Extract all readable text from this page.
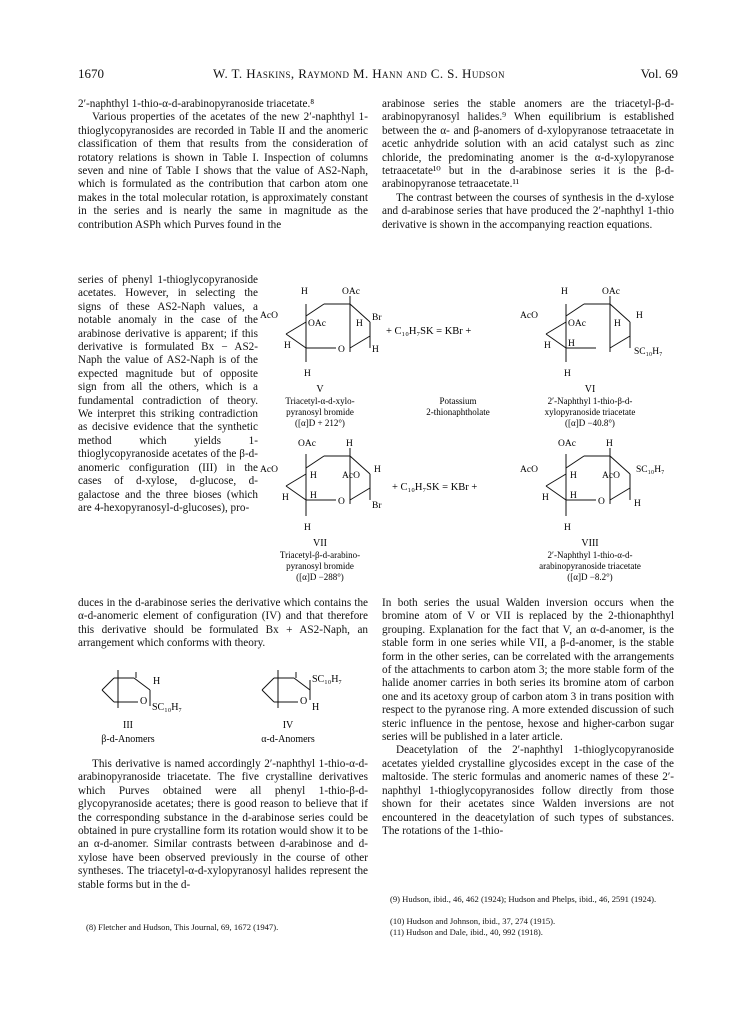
1670	W. T. Haskins, Raymond M. Hann and C. S. Hudson	Vol. 69

2′-naphthyl 1-thio-α-d-arabinopyranoside triacetate.⁸

Various properties of the acetates of the new 2′-naphthyl 1-thioglycopyranosides are recorded in Table II and the anomeric classification of them that results from the consideration of rotatory relations is shown in Table I. Inspection of columns seven and nine of Table I shows that the value of AS2-Naph, which is formulated as the contribution that carbon atom one makes in the total molecular rotation, is approximately constant in the series and is nearly the same in magnitude as the contribution ASPh which Purves found in the

series of phenyl 1-thioglycopyranoside acetates. However, in selecting the signs of these AS2-Naph values, a notable anomaly in the case of the arabinose derivative is apparent; if this derivative is formulated Bx − AS2-Naph the value of AS2-Naph is of the expected magnitude but of opposite sign from all the others, which is a fundamental contradiction of theory. We interpret this striking contradiction as decisive evidence that the synthetic method which yields 1-thioglycopyranoside acetates of the β-d-anomeric configuration (III) in the cases of d-xylose, d-glucose, d-galactose and the three bioses (which are 4-hexopyranosyl-d-glucoses), pro-

duces in the d-arabinose series the derivative which contains the α-d-anomeric element of configuration (IV) and that therefore this derivative should be formulated Bx + AS2-Naph, an arrangement which conforms with theory.

H
O
SC₁₀H₇
III
β-d-Anomers
SC₁₀H₇
O
H
IV
α-d-Anomers

This derivative is named accordingly 2′-naphthyl 1-thio-α-d-arabinopyranoside triacetate. The five crystalline derivatives which Purves obtained were all phenyl 1-thio-β-d-glycopyranoside acetates; there is good reason to believe that if the corresponding substance in the d-arabinose series could be obtained in pure crystalline form its rotation would show it to be an α-d-anomer. Similar contrasts between d-arabinose and d-xylose have been observed previously in the course of other syntheses. The triacetyl-α-d-xylopyranosyl halides represent the stable forms but in the d-

arabinose series the stable anomers are the triacetyl-β-d-arabinopyranosyl halides.⁹ When equilibrium is established between the α- and β-anomers of d-xylopyranose tetraacetate in acetic anhydride solution with an acid catalyst such as zinc chloride, the predominating anomer is the α-d-xylopyranose tetraacetate¹⁰ but in the d-arabinose series it is the β-d-arabinopyranose tetraacetate.¹¹

The contrast between the courses of synthesis in the d-xylose and d-arabinose series that have produced the 2′-naphthyl 1-thio derivative is shown in the accompanying reaction equations.

H	OAc
AcO
OAc	H
Br
H	O	H
H
+ C₁₀H₇SK = KBr +
H	OAc
AcO
OAc	H
H
H H
SC₁₀H₇
H
V
Triacetyl-α-d-xylo-
pyranosyl bromide
([α]D + 212°)
Potassium
2-thionaphtholate
VI
2′-Naphthyl 1-thio-β-d-
xylopyranoside triacetate
([α]D −40.8°)
OAc	H
AcO
H	AcO
H
H H
O	Br
H
+ C₁₀H₇SK = KBr +
OAc	H
AcO
H	AcO
SC₁₀H₇
H H
O	H
H
VII
Triacetyl-β-d-arabino-
pyranosyl bromide
([α]D −288°)
VIII
2′-Naphthyl 1-thio-α-d-
arabinopyranoside triacetate
([α]D −8.2°)

In both series the usual Walden inversion occurs when the bromine atom of V or VII is replaced by the 2-thionaphthyl grouping. Explanation for the fact that V, an α-d-anomer, is the stable form in one series while VII, a β-d-anomer, is the stable form in the other series, can be correlated with the arrangements of the attachments to carbon atom 3; the more stable form of the halide anomer carries in both series its bromine atom of carbon one and its acetoxy group of carbon atom 3 in trans position with respect to the pyranose ring. A more extended discussion of such steric influence in the pentose, hexose and higher-carbon sugar series will be published in a later article.

Deacetylation of the 2′-naphthyl 1-thioglycopyranoside acetates yielded crystalline glycosides except in the case of the maltoside. The steric formulas and anomeric names of these 2′-naphthyl 1-thioglycopyranosides follow directly from those shown for their acetates since Walden inversions are not encountered in the deacetylation of such types of substances. The rotations of the 1-thio-

(8) Fletcher and Hudson, This Journal, 69, 1672 (1947).
(9) Hudson, ibid., 46, 462 (1924); Hudson and Phelps, ibid., 46, 2591 (1924).
(10) Hudson and Johnson, ibid., 37, 274 (1915).
(11) Hudson and Dale, ibid., 40, 992 (1918).
